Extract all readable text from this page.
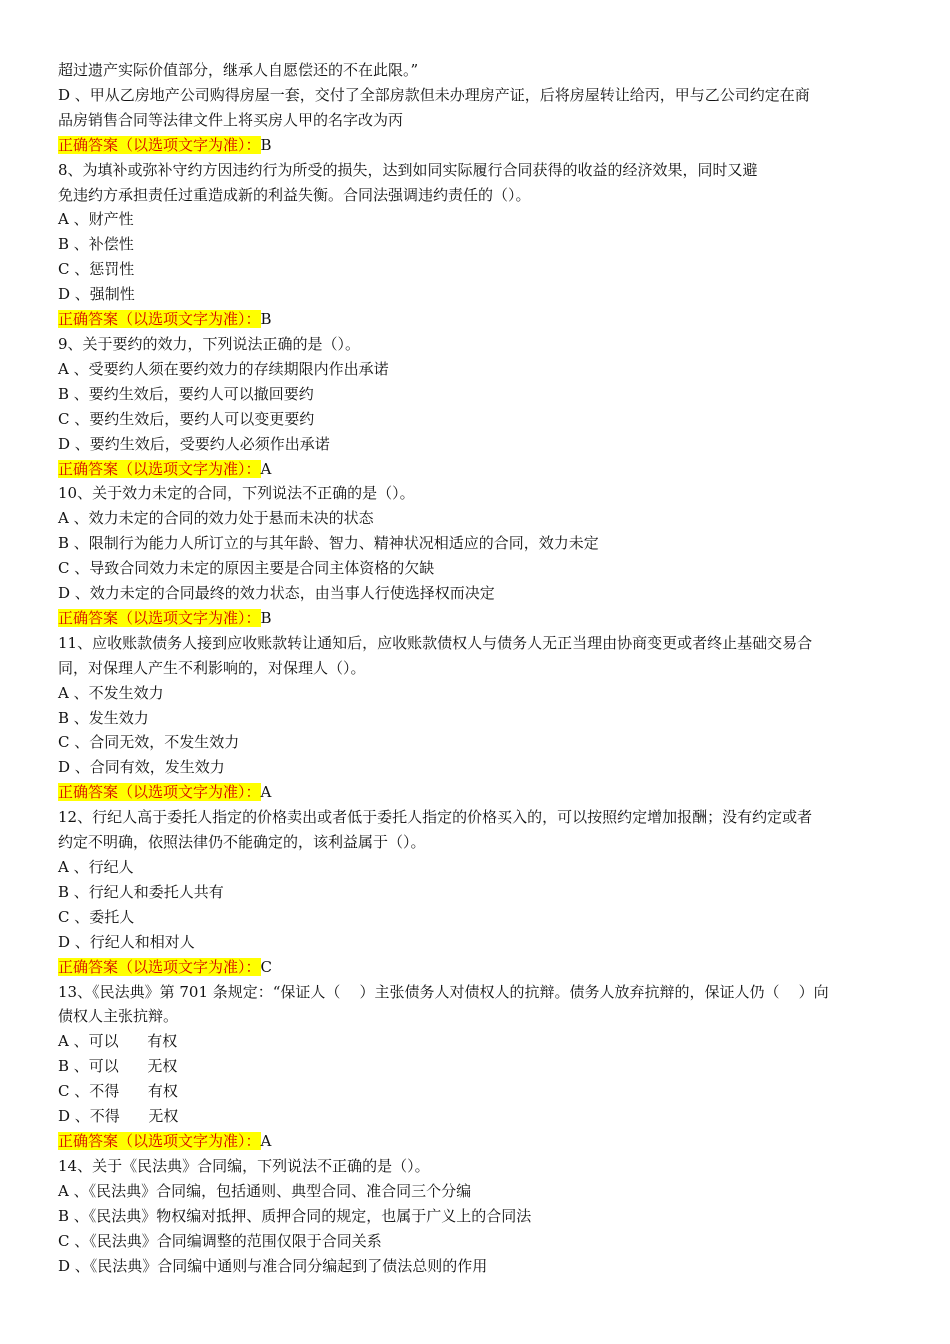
超过遗产实际价值部分，继承人自愿偿还的不在此限。”
D 、甲从乙房地产公司购得房屋一套，交付了全部房款但未办理房产证，后将房屋转让给丙，甲与乙公司约定在商
品房销售合同等法律文件上将买房人甲的名字改为丙
正确答案（以选项文字为准）：B
8、为填补或弥补守约方因违约行为所受的损失，达到如同实际履行合同获得的收益的经济效果，同时又避
免违约方承担责任过重造成新的利益失衡。合同法强调违约责任的（）。
A 、财产性
B 、补偿性
C 、惩罚性
D 、强制性
正确答案（以选项文字为准）：B
9、关于要约的效力，下列说法正确的是（）。
A 、受要约人须在要约效力的存续期限内作出承诺
B 、要约生效后，要约人可以撤回要约
C 、要约生效后，要约人可以变更要约
D 、要约生效后，受要约人必须作出承诺
正确答案（以选项文字为准）：A
10、关于效力未定的合同，下列说法不正确的是（）。
A 、效力未定的合同的效力处于悬而未决的状态
B 、限制行为能力人所订立的与其年龄、智力、精神状况相适应的合同，效力未定
C 、导致合同效力未定的原因主要是合同主体资格的欠缺
D 、效力未定的合同最终的效力状态，由当事人行使选择权而决定
正确答案（以选项文字为准）：B
11、应收账款债务人接到应收账款转让通知后，应收账款债权人与债务人无正当理由协商变更或者终止基础交易合
同，对保理人产生不利影响的，对保理人（）。
A 、不发生效力
B 、发生效力
C 、合同无效，不发生效力
D 、合同有效，发生效力
正确答案（以选项文字为准）：A
12、行纪人高于委托人指定的价格卖出或者低于委托人指定的价格买入的，可以按照约定增加报酬；没有约定或者
约定不明确，依照法律仍不能确定的，该利益属于（）。
A 、行纪人
B 、行纪人和委托人共有
C 、委托人
D 、行纪人和相对人
正确答案（以选项文字为准）：C
13、《民法典》第 701 条规定：“保证人（    ）主张债务人对债权人的抗辩。债务人放弃抗辩的，保证人仍（    ）向
债权人主张抗辩。
A 、可以      有权
B 、可以      无权
C 、不得      有权
D 、不得      无权
正确答案（以选项文字为准）：A
14、关于《民法典》合同编，下列说法不正确的是（）。
A 、《民法典》合同编，包括通则、典型合同、准合同三个分编
B 、《民法典》物权编对抵押、质押合同的规定，也属于广义上的合同法
C 、《民法典》合同编调整的范围仅限于合同关系
D 、《民法典》合同编中通则与准合同分编起到了债法总则的作用
